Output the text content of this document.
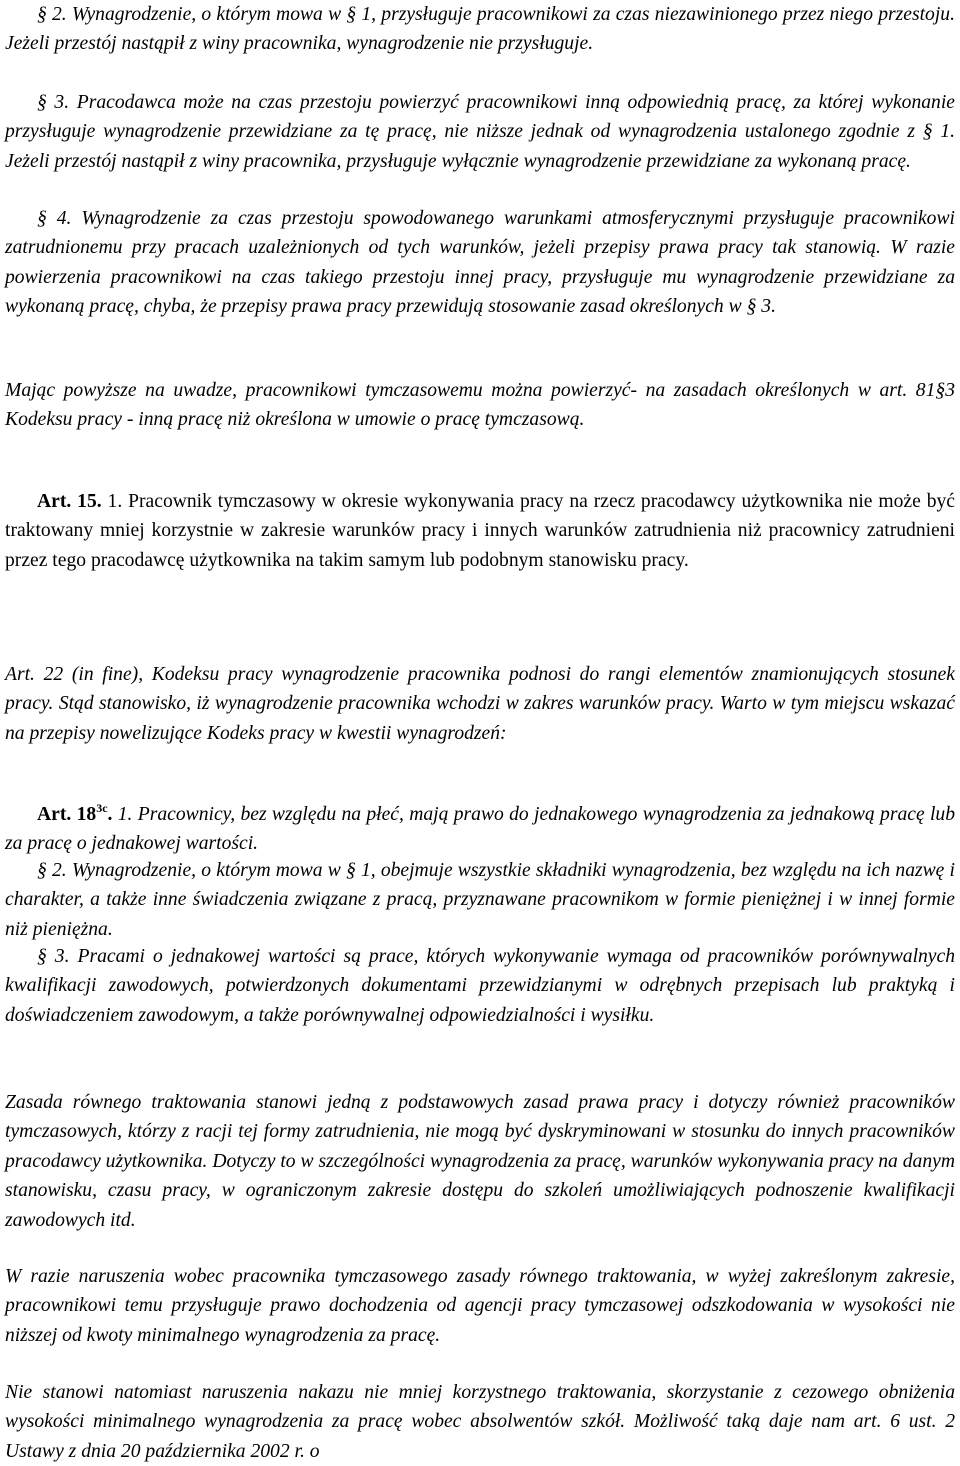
§ 2. Wynagrodzenie, o którym mowa w § 1, przysługuje pracownikowi za czas niezawinionego przez niego przestoju. Jeżeli przestój nastąpił z winy pracownika, wynagrodzenie nie przysługuje.

§ 3. Pracodawca może na czas przestoju powierzyć pracownikowi inną odpowiednią pracę, za której wykonanie przysługuje wynagrodzenie przewidziane za tę pracę, nie niższe jednak od wynagrodzenia ustalonego zgodnie z § 1. Jeżeli przestój nastąpił z winy pracownika, przysługuje wyłącznie wynagrodzenie przewidziane za wykonaną pracę.

§ 4. Wynagrodzenie za czas przestoju spowodowanego warunkami atmosferycznymi przysługuje pracownikowi zatrudnionemu przy pracach uzależnionych od tych warunków, jeżeli przepisy prawa pracy tak stanowią. W razie powierzenia pracownikowi na czas takiego przestoju innej pracy, przysługuje mu wynagrodzenie przewidziane za wykonaną pracę, chyba, że przepisy prawa pracy przewidują stosowanie zasad określonych w § 3.

Mając powyższe na uwadze, pracownikowi tymczasowemu można powierzyć- na zasadach określonych w art. 81§3 Kodeksu pracy - inną pracę niż określona w umowie o pracę tymczasową.

Art. 15. 1. Pracownik tymczasowy w okresie wykonywania pracy na rzecz pracodawcy użytkownika nie może być traktowany mniej korzystnie w zakresie warunków pracy i innych warunków zatrudnienia niż pracownicy zatrudnieni przez tego pracodawcę użytkownika na takim samym lub podobnym stanowisku pracy.

Art. 22 (in fine), Kodeksu pracy wynagrodzenie pracownika podnosi do rangi elementów znamionujących stosunek pracy. Stąd stanowisko, iż wynagrodzenie pracownika wchodzi w zakres warunków pracy. Warto w tym miejscu wskazać na przepisy nowelizujące Kodeks pracy w kwestii wynagrodzeń:

Art. $18^{3c}$. 1. Pracownicy, bez względu na płeć, mają prawo do jednakowego wynagrodzenia za jednakową pracę lub za pracę o jednakowej wartości.

§ 2. Wynagrodzenie, o którym mowa w § 1, obejmuje wszystkie składniki wynagrodzenia, bez względu na ich nazwę i charakter, a także inne świadczenia związane z pracą, przyznawane pracownikom w formie pieniężnej i w innej formie niż pieniężna.

§ 3. Pracami o jednakowej wartości są prace, których wykonywanie wymaga od pracowników porównywalnych kwalifikacji zawodowych, potwierdzonych dokumentami przewidzianymi w odrębnych przepisach lub praktyką i doświadczeniem zawodowym, a także porównywalnej odpowiedzialności i wysiłku.

Zasada równego traktowania stanowi jedną z podstawowych zasad prawa pracy i dotyczy również pracowników tymczasowych, którzy z racji tej formy zatrudnienia, nie mogą być dyskryminowani w stosunku do innych pracowników pracodawcy użytkownika. Dotyczy to w szczególności wynagrodzenia za pracę, warunków wykonywania pracy na danym stanowisku, czasu pracy, w ograniczonym zakresie dostępu do szkoleń umożliwiających podnoszenie kwalifikacji zawodowych itd.

W razie naruszenia wobec pracownika tymczasowego zasady równego traktowania, w wyżej zakreślonym zakresie, pracownikowi temu przysługuje prawo dochodzenia od agencji pracy tymczasowej odszkodowania w wysokości nie niższej od kwoty minimalnego wynagrodzenia za pracę.

Nie stanowi natomiast naruszenia nakazu nie mniej korzystnego traktowania, skorzystanie z cezowego obniżenia wysokości minimalnego wynagrodzenia za pracę wobec absolwentów szkół. Możliwość taką daje nam art. 6 ust. 2 Ustawy z dnia 20 października 2002 r. o
